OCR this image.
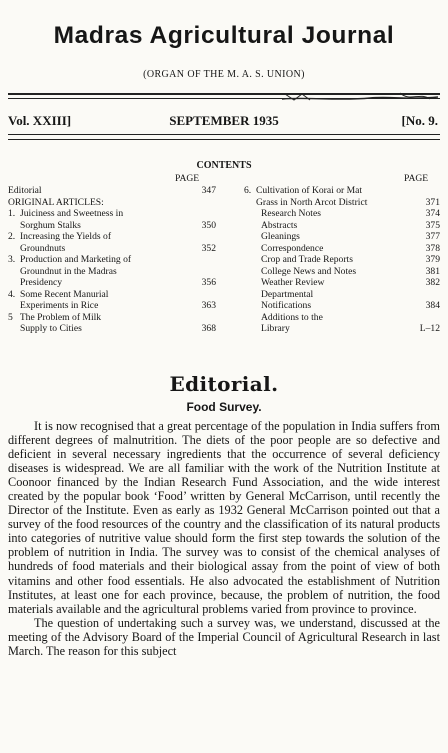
Madras Agricultural Journal
(ORGAN OF THE M. A. S. UNION)
Vol. XXIII]	SEPTEMBER 1935	[No. 9.
CONTENTS
PAGE	PAGE
Editorial	347
ORIGINAL ARTICLES:
1.  Juiciness and Sweetness in
Sorghum Stalks	350
2.  Increasing the Yields of
Groundnuts	352
3.  Production and Marketing of
Groundnut in the Madras
Presidency	356
4.  Some Recent Manurial
Experiments in Rice	363
5   The Problem of Milk
Supply to Cities	368
6.  Cultivation of Korai or Mat
Grass in North Arcot District	371
Research Notes	374
Abstracts	375
Gleanings	377
Correspondence	378
Crop and Trade Reports	379
College News and Notes	381
Weather Review	382
Departmental
Notifications	384
Additions to the
Library	L–12
Editorial.
Food Survey.

It is now recognised that a great percentage of the population in India suffers from different degrees of malnutrition. The diets of the poor people are so defective and deficient in several necessary ingredients that the occurrence of several deficiency diseases is widespread. We are all familiar with the work of the Nutrition Institute at Coonoor financed by the Indian Research Fund Association, and the wide interest created by the popular book ‘Food’ written by General McCarrison, until recently the Director of the Institute. Even as early as 1932 General McCarrison pointed out that a survey of the food resources of the country and the classification of its natural products into categories of nutritive value should form the first step towards the solution of the problem of nutrition in India. The survey was to consist of the chemical analyses of hundreds of food materials and their biological assay from the point of view of both vitamins and other food essentials. He also advocated the establishment of Nutrition Institutes, at least one for each province, because, the problem of nutrition, the food materials available and the agricultural problems varied from province to province.

The question of undertaking such a survey was, we understand, discussed at the meeting of the Advisory Board of the Imperial Council of Agricultural Research in last March. The reason for this subject
